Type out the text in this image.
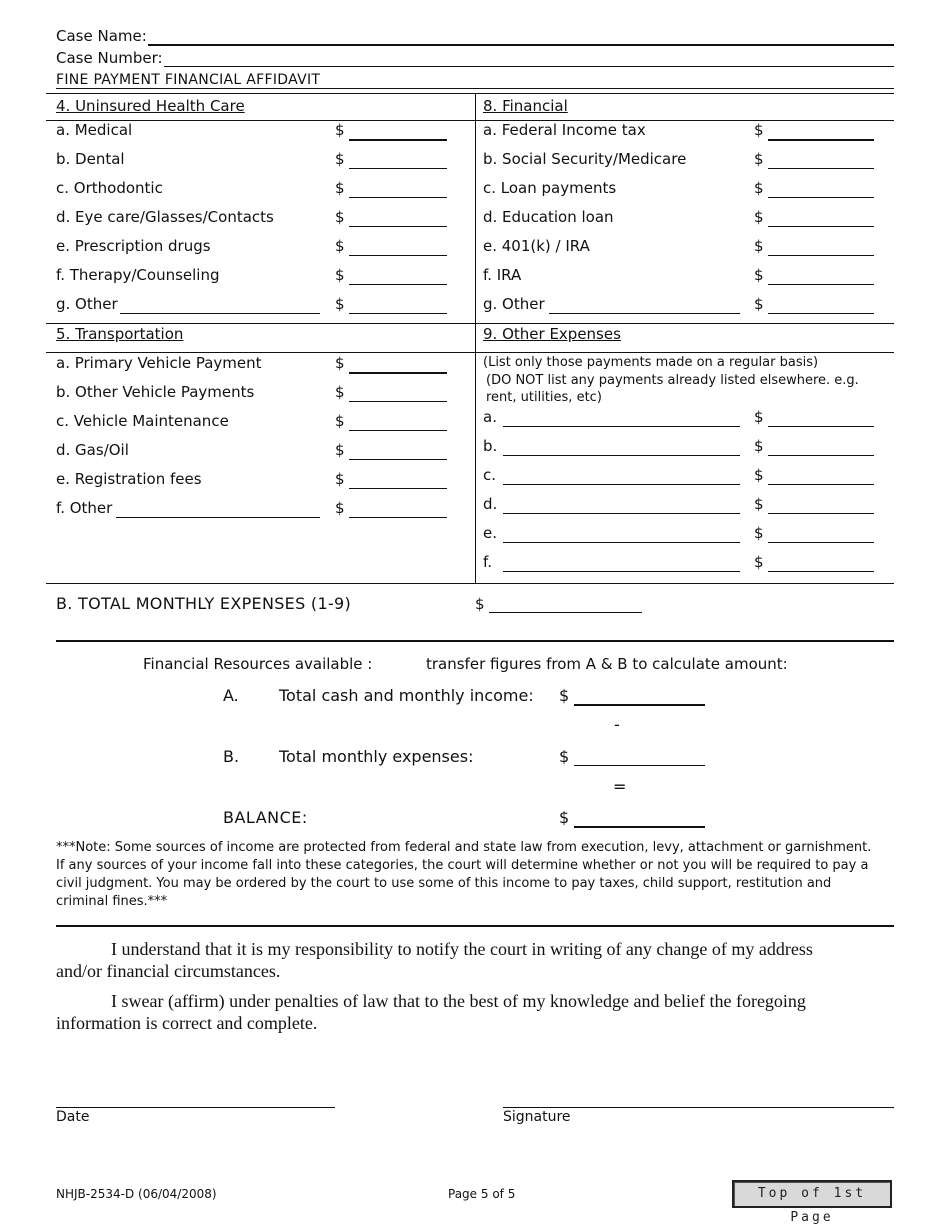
Case Name:
Case Number:
FINE PAYMENT FINANCIAL AFFIDAVIT
4. Uninsured Health Care
a. Medical	$
b. Dental	$
c. Orthodontic	$
d. Eye care/Glasses/Contacts	$
e. Prescription drugs	$
f. Therapy/Counseling	$
g. Other	$
8. Financial
a. Federal Income tax	$
b. Social Security/Medicare	$
c. Loan payments	$
d. Education loan	$
e. 401(k) / IRA	$
f. IRA	$
g. Other	$
5. Transportation
a. Primary Vehicle Payment	$
b. Other Vehicle Payments	$
c. Vehicle Maintenance	$
d. Gas/Oil	$
e. Registration fees	$
f. Other	$
9. Other Expenses
(List only those payments made on a regular basis)
(DO NOT list any payments already listed elsewhere. e.g.
rent, utilities, etc)
a.	$
b.	$
c.	$
d.	$
e.	$
f.	$
B. TOTAL MONTHLY EXPENSES (1-9)	$
Financial Resources available :	transfer figures from A & B to calculate amount:
A.	Total cash and monthly income: $
-
B. Total monthly expenses:	$
=
BALANCE:	$
***Note: Some sources of income are protected from federal and state law from execution, levy, attachment or garnishment.
If any sources of your income fall into these categories, the court will determine whether or not you will be required to pay a
civil judgment. You may be ordered by the court to use some of this income to pay taxes, child support, restitution and
criminal fines.***
I understand that it is my responsibility to notify the court in writing of any change of my address
and/or financial circumstances.
I swear (affirm) under penalties of law that to the best of my knowledge and belief the foregoing
information is correct and complete.
Date	Signature
NHJB-2534-D (06/04/2008)	Page 5 of 5	Top of 1st Page
